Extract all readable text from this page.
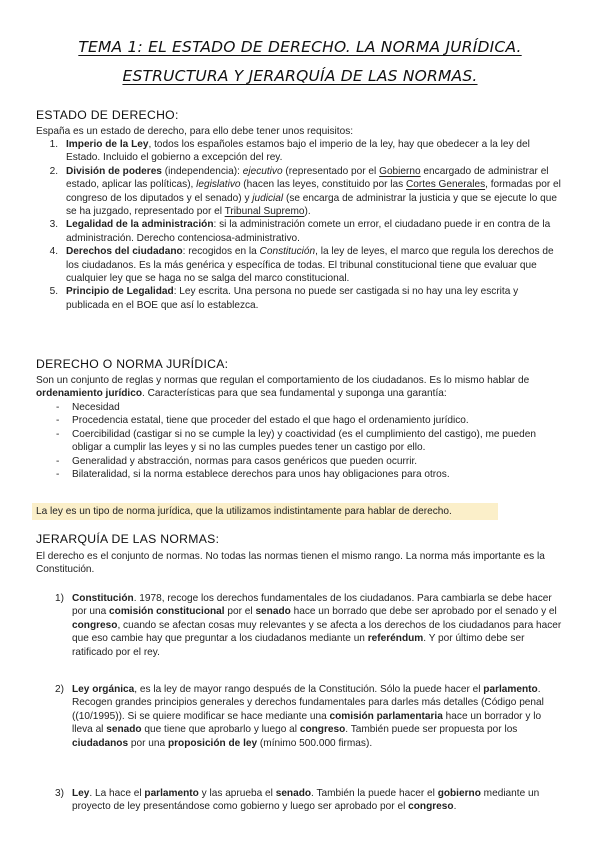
TEMA 1: EL ESTADO DE DERECHO. LA NORMA JURÍDICA.
ESTRUCTURA Y JERARQUÍA DE LAS NORMAS.
ESTADO DE DERECHO:
España es un estado de derecho, para ello debe tener unos requisitos:
1. Imperio de la Ley, todos los españoles estamos bajo el imperio de la ley, hay que obedecer a la ley del Estado. Incluido el gobierno a excepción del rey.
2. División de poderes (independencia): ejecutivo (representado por el Gobierno encargado de administrar el estado, aplicar las políticas), legislativo (hacen las leyes, constituido por las Cortes Generales, formadas por el congreso de los diputados y el senado) y judicial (se encarga de administrar la justicia y que se ejecute lo que se ha juzgado, representado por el Tribunal Supremo).
3. Legalidad de la administración: si la administración comete un error, el ciudadano puede ir en contra de la administración. Derecho contenciosa-administrativo.
4. Derechos del ciudadano: recogidos en la Constitución, la ley de leyes, el marco que regula los derechos de los ciudadanos. Es la más genérica y específica de todas. El tribunal constitucional tiene que evaluar que cualquier ley que se haga no se salga del marco constitucional.
5. Principio de Legalidad: Ley escrita. Una persona no puede ser castigada si no hay una ley escrita y publicada en el BOE que así lo establezca.
DERECHO O NORMA JURÍDICA:
Son un conjunto de reglas y normas que regulan el comportamiento de los ciudadanos. Es lo mismo hablar de ordenamiento jurídico. Características para que sea fundamental y suponga una garantía:
-	Necesidad
-	Procedencia estatal, tiene que proceder del estado el que hago el ordenamiento jurídico.
-	Coercibilidad (castigar si no se cumple la ley) y coactividad (es el cumplimiento del castigo), me pueden obligar a cumplir las leyes y si no las cumples puedes tener un castigo por ello.
-	Generalidad y abstracción, normas para casos genéricos que pueden ocurrir.
-	Bilateralidad, si la norma establece derechos para unos hay obligaciones para otros.
La ley es un tipo de norma jurídica, que la utilizamos indistintamente para hablar de derecho.
JERARQUÍA DE LAS NORMAS:
El derecho es el conjunto de normas. No todas las normas tienen el mismo rango. La norma más importante es la Constitución.
1) Constitución. 1978, recoge los derechos fundamentales de los ciudadanos. Para cambiarla se debe hacer por una comisión constitucional por el senado hace un borrado que debe ser aprobado por el senado y el congreso, cuando se afectan cosas muy relevantes y se afecta a los derechos de los ciudadanos para hacer que eso cambie hay que preguntar a los ciudadanos mediante un referéndum. Y por último debe ser ratificado por el rey.
2) Ley orgánica, es la ley de mayor rango después de la Constitución. Sólo la puede hacer el parlamento. Recogen grandes principios generales y derechos fundamentales para darles más detalles (Código penal ((10/1995)). Si se quiere modificar se hace mediante una comisión parlamentaria hace un borrador y lo lleva al senado que tiene que aprobarlo y luego al congreso. También puede ser propuesta por los ciudadanos por una proposición de ley (mínimo 500.000 firmas).
3) Ley. La hace el parlamento y las aprueba el senado. También la puede hacer el gobierno mediante un proyecto de ley presentándose como gobierno y luego ser aprobado por el congreso.
